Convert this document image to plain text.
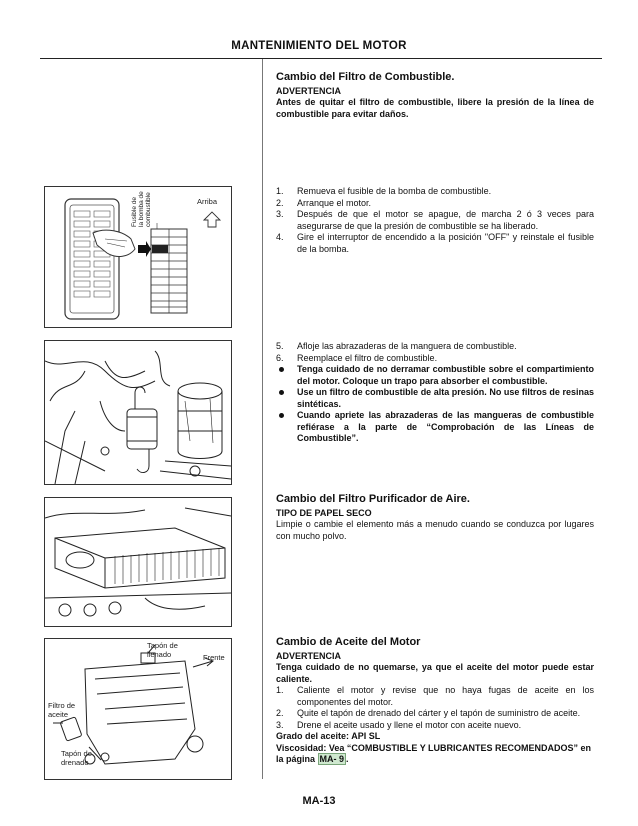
MANTENIMIENTO DEL MOTOR
Fusible de la bomba de combustible	Arriba
Tapón de llenado	Frente
Filtro de aceite
Tapón de drenado
Cambio del Filtro de Combustible.
ADVERTENCIA
Antes de quitar el filtro de combustible, libere la presión de la línea de combustible para evitar daños.
1. Remueva el fusible de la bomba de combustible.
2. Arranque el motor.
3. Después de que el motor se apague, de marcha 2 ó 3 veces para asegurarse de que la presión de combustible se ha liberado.
4. Gire el interruptor de encendido a la posición "OFF" y reinstale el fusible de la bomba.
5. Afloje las abrazaderas de la manguera de combustible.
6. Reemplace el filtro de combustible.
Tenga cuidado de no derramar combustible sobre el compartimiento del motor. Coloque un trapo para absorber el combustible.
Use un filtro de combustible de alta presión. No use filtros de resinas sintéticas.
Cuando apriete las abrazaderas de las mangueras de combustible refiérase a la parte de “Comprobación de las Líneas de Combustible”.
Cambio del Filtro Purificador de Aire.
TIPO DE PAPEL SECO
Limpie o cambie el elemento más a menudo cuando se conduzca por lugares con mucho polvo.
Cambio de Aceite del Motor
ADVERTENCIA
Tenga cuidado de no quemarse, ya que el aceite del motor puede estar caliente.
1. Caliente el motor y revise que no haya fugas de aceite en los componentes del motor.
2. Quite el tapón de drenado del cárter y el tapón de suministro de aceite.
3. Drene el aceite usado y llene el motor con aceite nuevo.
Grado del aceite: API SL
Viscosidad: Vea “COMBUSTIBLE Y LUBRICANTES RECOMENDADOS” en la página MA- 9 .
MA-13
